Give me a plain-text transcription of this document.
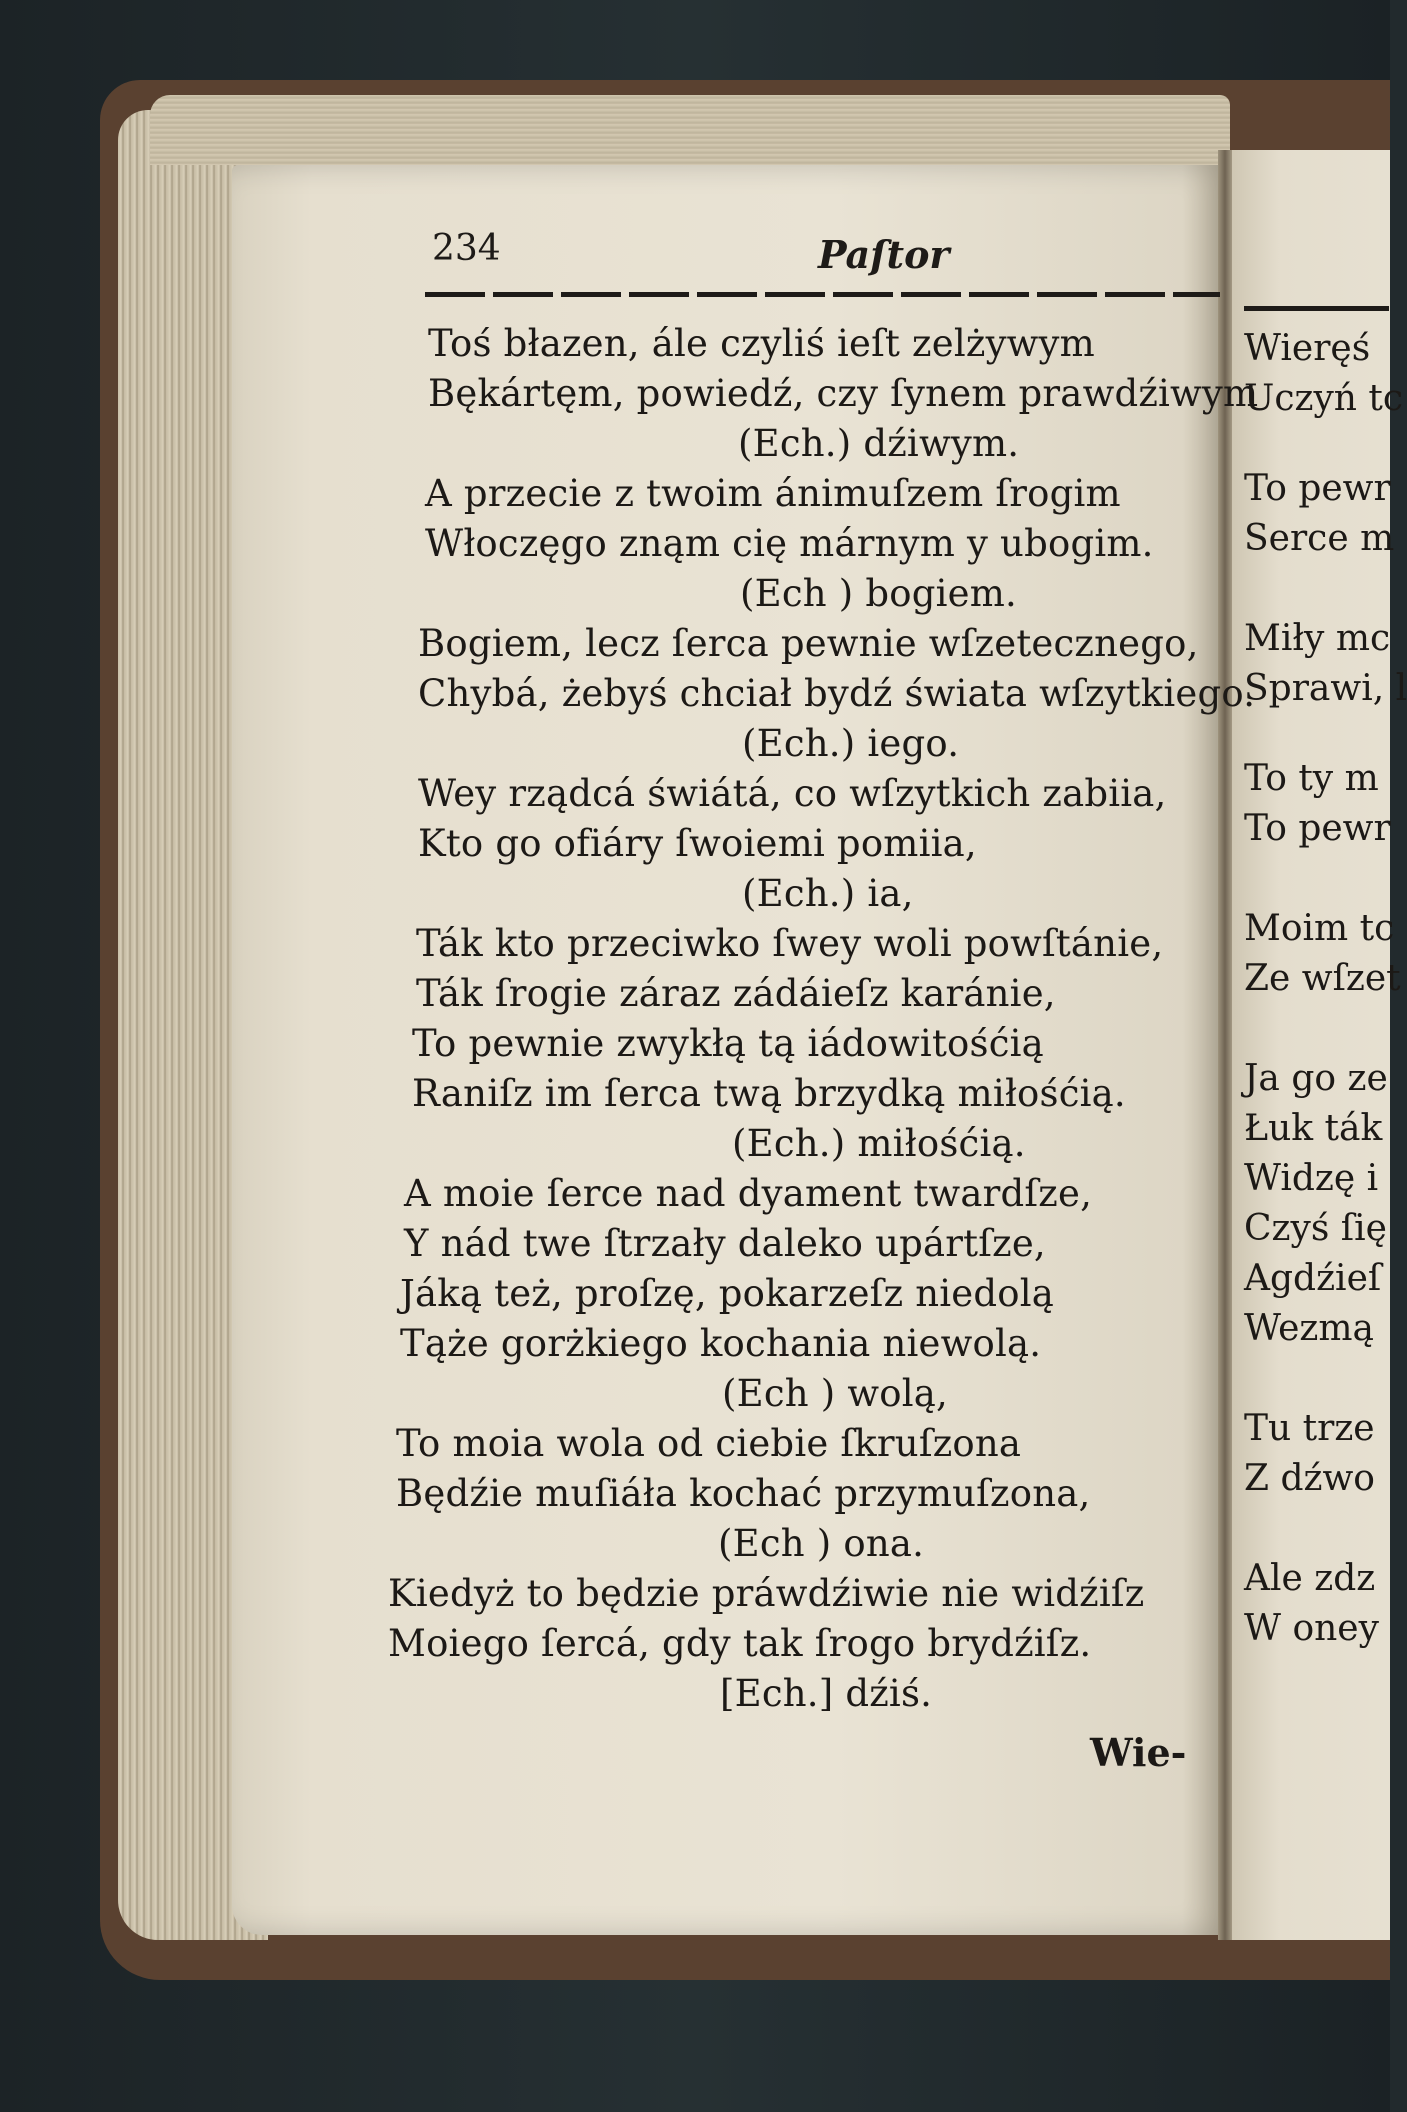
234	Paſtor
Toś błazen, ále czyliś ieſt zelżywym
Bękártęm, powiedź, czy ſynem prawdźiwym
(Ech.) dźiwym.
A przecie z twoim ánimuſzem ſrogim
Włoczęgo znąm cię márnym y ubogim.
(Ech ) bogiem.
Bogiem, lecz ſerca pewnie wſzetecznego,
Chybá, żebyś chciał bydź świata wſzytkiego.
(Ech.) iego.
Wey rządcá świátá, co wſzytkich zabiia,
Kto go ofiáry ſwoiemi pomiia,
(Ech.) ia,
Ták kto przeciwko ſwey woli powſtánie,
Ták ſrogie záraz zádáieſz karánie,
To pewnie zwykłą tą iádowitośćią
Raniſz im ſerca twą brzydką miłośćią.
(Ech.) miłośćią.
A moie ſerce nad dyament twardſze,
Y nád twe ſtrzały daleko upártſze,
Jáką też, proſzę, pokarzeſz niedolą
Tąże gorżkiego kochania niewolą.
(Ech ) wolą,
To moia wola od ciebie ſkruſzona
Będźie muſiáła kochać przymuſzona,
(Ech ) ona.
Kiedyż to będzie práwdźiwie nie widźiſz
Moiego ſercá, gdy tak ſrogo brydźiſz.
[Ech.] dźiś.
Wie-
Wieręś
Uczyń tc
To pewr
Serce m
Miły mc
Sprawi, l
To ty m
To pewr
Moim tc
Ze wſzet
Ja go ze
Łuk ták
Widzę i
Czyś ſię
Agdźieſ
Wezmą
Tu trze
Z dźwo
Ale zdz
W oney
